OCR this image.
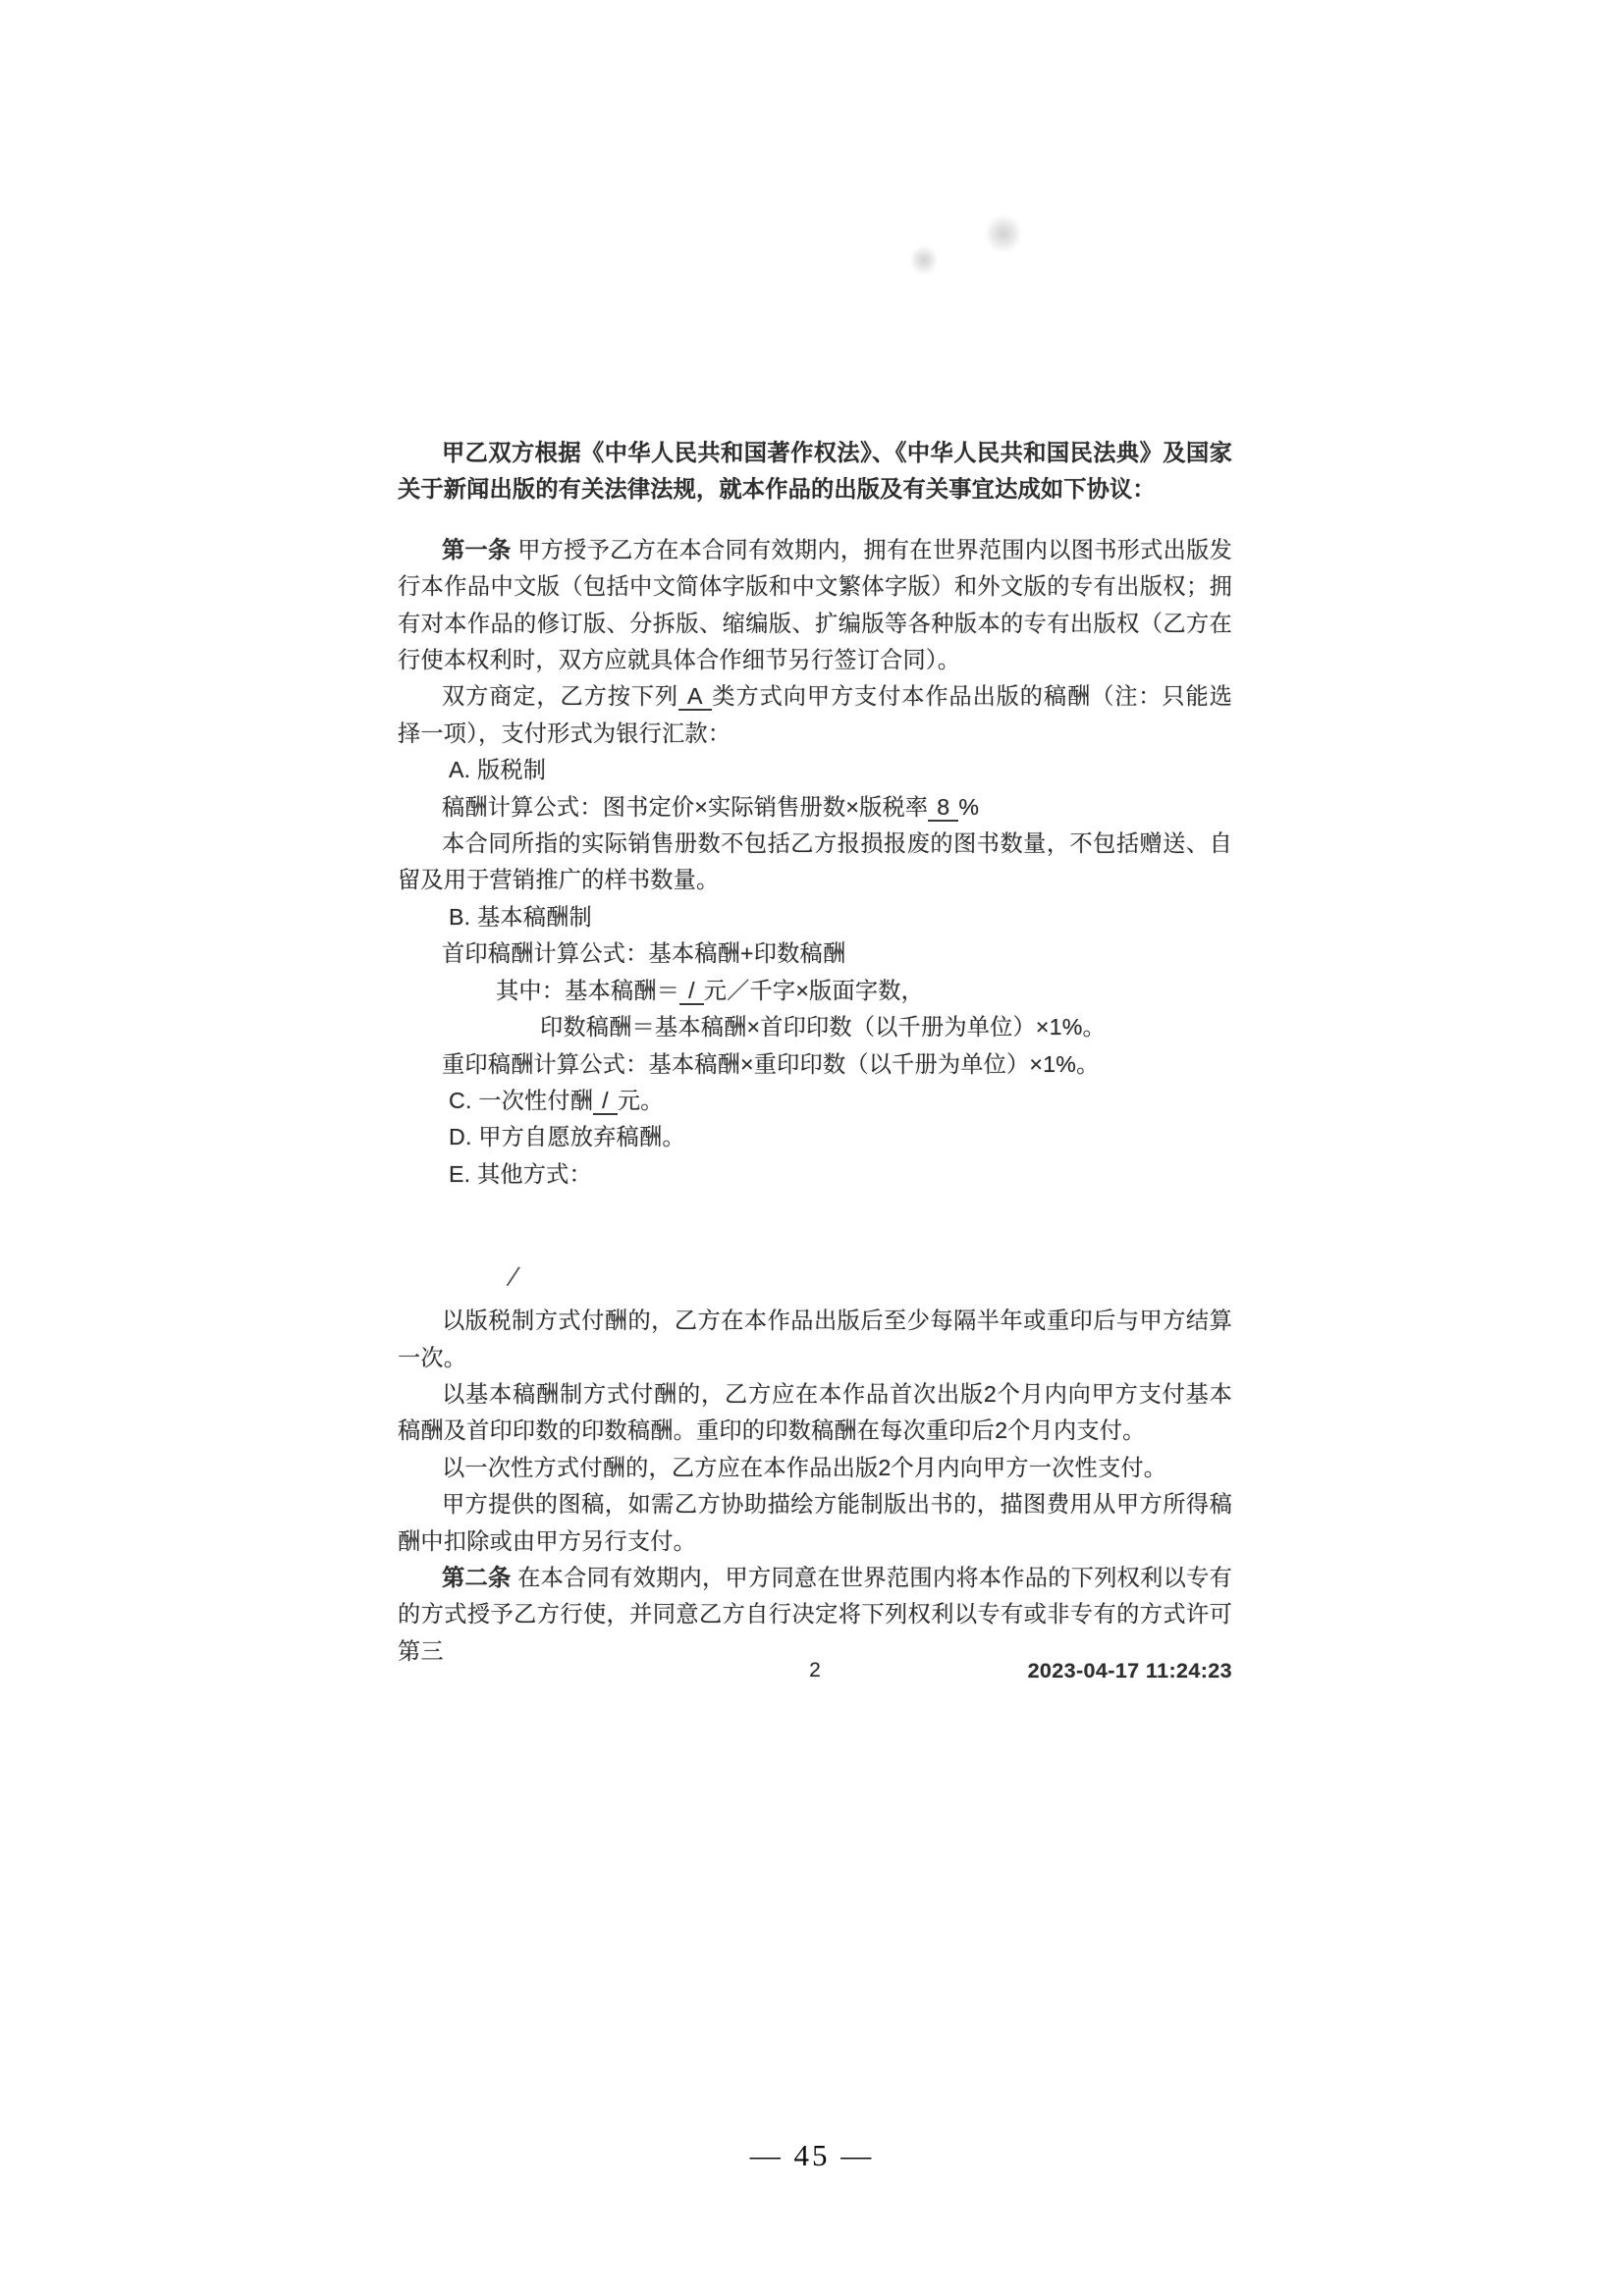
甲乙双方根据《中华人民共和国著作权法》、《中华人民共和国民法典》及国家关于新闻出版的有关法律法规，就本作品的出版及有关事宜达成如下协议：
第一条 甲方授予乙方在本合同有效期内，拥有在世界范围内以图书形式出版发行本作品中文版（包括中文简体字版和中文繁体字版）和外文版的专有出版权；拥有对本作品的修订版、分拆版、缩编版、扩编版等各种版本的专有出版权（乙方在行使本权利时，双方应就具体合作细节另行签订合同）。
双方商定，乙方按下列 A 类方式向甲方支付本作品出版的稿酬（注：只能选择一项），支付形式为银行汇款：
A. 版税制
稿酬计算公式：图书定价×实际销售册数×版税率 8 %
本合同所指的实际销售册数不包括乙方报损报废的图书数量，不包括赠送、自留及用于营销推广的样书数量。
B. 基本稿酬制
首印稿酬计算公式：基本稿酬+印数稿酬
其中：基本稿酬＝ / 元／千字×版面字数，
印数稿酬＝基本稿酬×首印印数（以千册为单位）×1%。
重印稿酬计算公式：基本稿酬×重印印数（以千册为单位）×1%。
C. 一次性付酬 / 元。
D. 甲方自愿放弃稿酬。
E. 其他方式：
以版税制方式付酬的，乙方在本作品出版后至少每隔半年或重印后与甲方结算一次。
以基本稿酬制方式付酬的，乙方应在本作品首次出版2个月内向甲方支付基本稿酬及首印印数的印数稿酬。重印的印数稿酬在每次重印后2个月内支付。
以一次性方式付酬的，乙方应在本作品出版2个月内向甲方一次性支付。
甲方提供的图稿，如需乙方协助描绘方能制版出书的，描图费用从甲方所得稿酬中扣除或由甲方另行支付。
第二条 在本合同有效期内，甲方同意在世界范围内将本作品的下列权利以专有的方式授予乙方行使，并同意乙方自行决定将下列权利以专有或非专有的方式许可第三
/
2	2023-04-17 11:24:23
— 45 —
